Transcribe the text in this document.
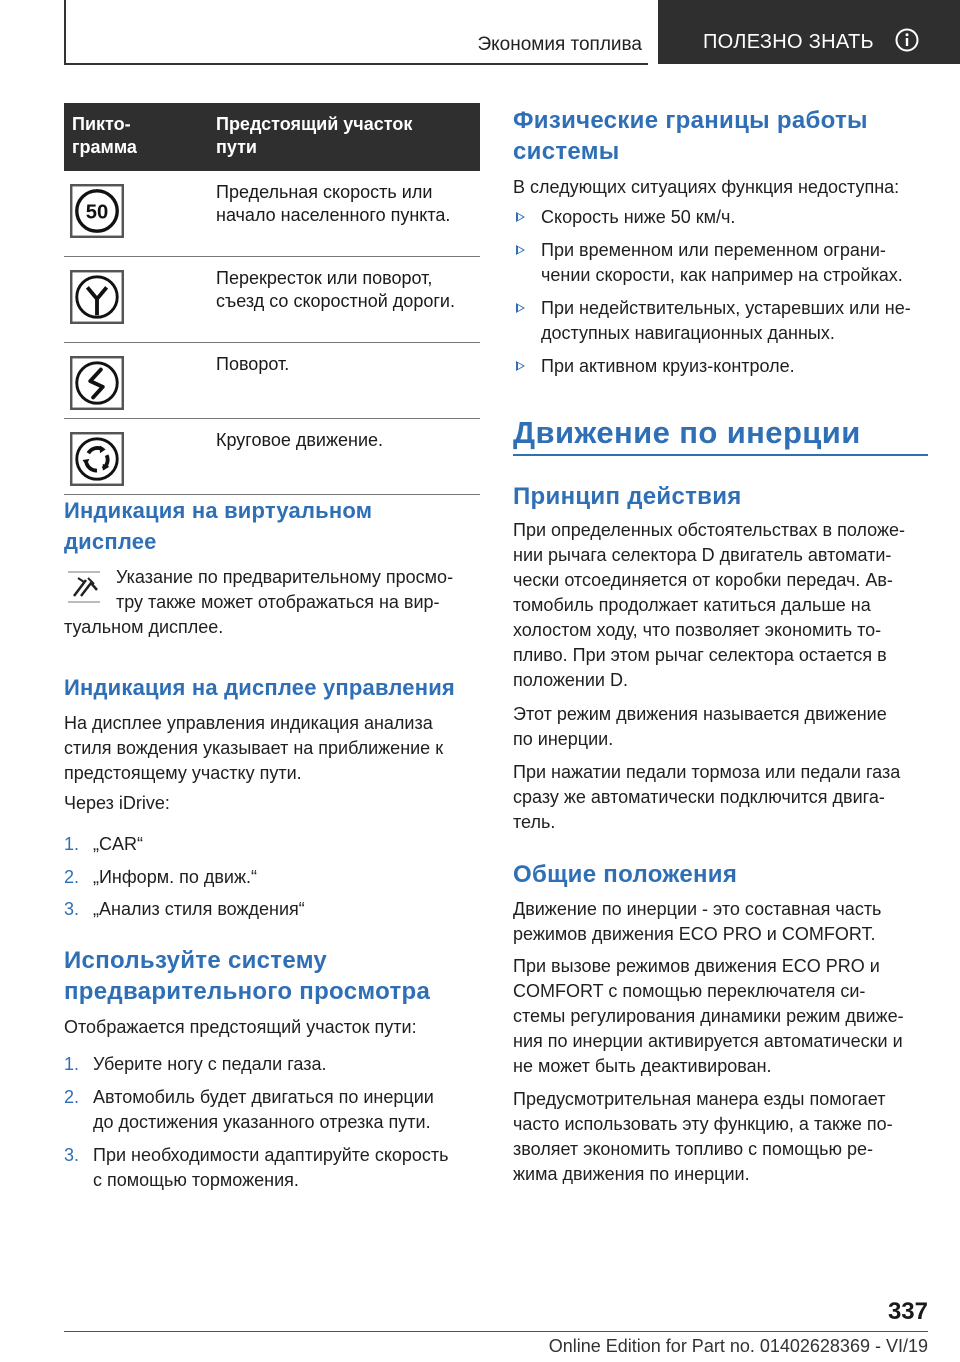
Экономия топлива	ПОЛЕЗНО ЗНАТЬ
Пикто-
грамма	Предстоящий участок
пути

50	Предельная скорость или
начало населенного пункта.

	Перекресток или поворот,
съезд со скоростной дороги.

	Поворот.

	Круговое движение.
Индикация на виртуальном
дисплее

Указание по предварительному просмо-

тру также может отображаться на вир-

туальном дисплее.

Индикация на дисплее управления

На дисплее управления индикация анализа
стиля вождения указывает на приближение к
предстоящему участку пути.

Через iDrive:

1. „CAR“

2. „Информ. по движ.“

3. „Анализ стиля вождения“

Используйте систему
предварительного просмотра

Отображается предстоящий участок пути:

1. Уберите ногу с педали газа.

2. Автомобиль будет двигаться по инерции
до достижения указанного отрезка пути.

3. При необходимости адаптируйте скорость
с помощью торможения.

Физические границы работы
системы

В следующих ситуациях функция недоступна:

Скорость ниже 50 км/ч.

При временном или переменном ограни-
чении скорости, как например на стройках.

При недействительных, устаревших или не-
доступных навигационных данных.

При активном круиз-контроле.

Движение по инерции
Принцип действия

При определенных обстоятельствах в положе-
нии рычага селектора D двигатель автомати-
чески отсоединяется от коробки передач. Ав-
томобиль продолжает катиться дальше на
холостом ходу, что позволяет экономить то-
пливо. При этом рычаг селектора остается в
положении D.

Этот режим движения называется движение
по инерции.

При нажатии педали тормоза или педали газа
сразу же автоматически подключится двига-
тель.

Общие положения

Движение по инерции - это составная часть
режимов движения ECO PRO и COMFORT.

При вызове режимов движения ECO PRO и
COMFORT с помощью переключателя си-
стемы регулирования динамики режим движе-
ния по инерции активируется автоматически и
не может быть деактивирован.

Предусмотрительная манера езды помогает
часто использовать эту функцию, а также по-
зволяет экономить топливо с помощью ре-
жима движения по инерции.

337
Online Edition for Part no. 01402628369 - VI/19
